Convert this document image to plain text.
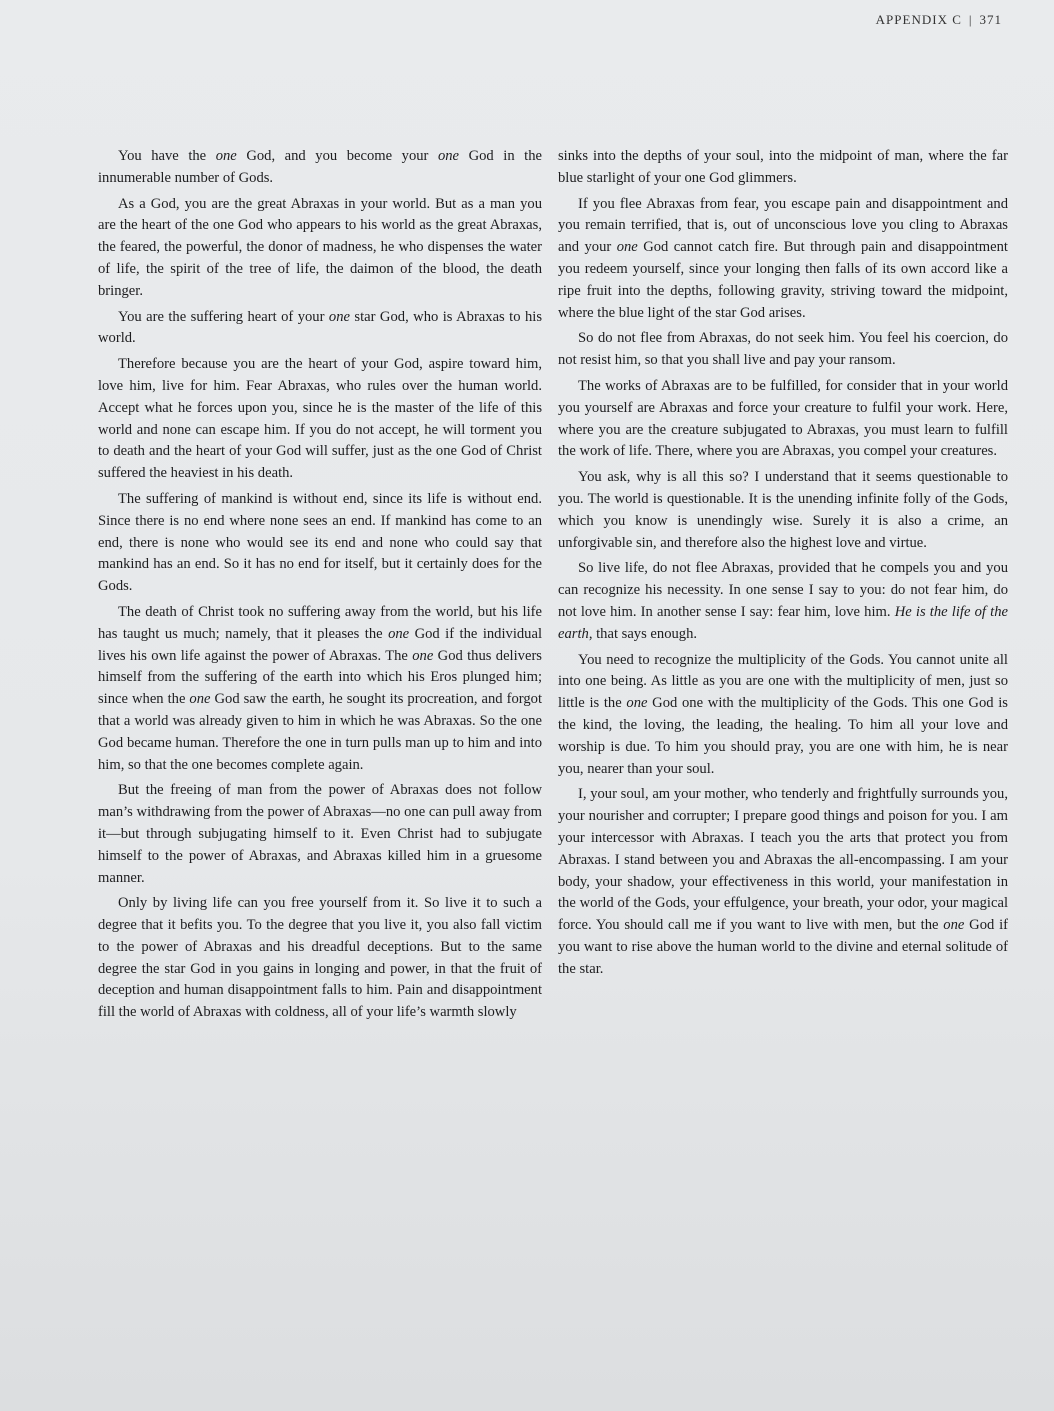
APPENDIX C | 371

You have the one God, and you become your one God in the innumerable number of Gods.

As a God, you are the great Abraxas in your world. But as a man you are the heart of the one God who appears to his world as the great Abraxas, the feared, the powerful, the donor of madness, he who dispenses the water of life, the spirit of the tree of life, the daimon of the blood, the death bringer.

You are the suffering heart of your one star God, who is Abraxas to his world.

Therefore because you are the heart of your God, aspire toward him, love him, live for him. Fear Abraxas, who rules over the human world. Accept what he forces upon you, since he is the master of the life of this world and none can escape him. If you do not accept, he will torment you to death and the heart of your God will suffer, just as the one God of Christ suffered the heaviest in his death.

The suffering of mankind is without end, since its life is without end. Since there is no end where none sees an end. If mankind has come to an end, there is none who would see its end and none who could say that mankind has an end. So it has no end for itself, but it certainly does for the Gods.

The death of Christ took no suffering away from the world, but his life has taught us much; namely, that it pleases the one God if the individual lives his own life against the power of Abraxas. The one God thus delivers himself from the suffering of the earth into which his Eros plunged him; since when the one God saw the earth, he sought its procreation, and forgot that a world was already given to him in which he was Abraxas. So the one God became human. Therefore the one in turn pulls man up to him and into him, so that the one becomes complete again.

But the freeing of man from the power of Abraxas does not follow man’s withdrawing from the power of Abraxas—no one can pull away from it—but through subjugating himself to it. Even Christ had to subjugate himself to the power of Abraxas, and Abraxas killed him in a gruesome manner.

Only by living life can you free yourself from it. So live it to such a degree that it befits you. To the degree that you live it, you also fall victim to the power of Abraxas and his dreadful deceptions. But to the same degree the star God in you gains in longing and power, in that the fruit of deception and human disappointment falls to him. Pain and disappointment fill the world of Abraxas with coldness, all of your life’s warmth slowly

sinks into the depths of your soul, into the midpoint of man, where the far blue starlight of your one God glimmers.

If you flee Abraxas from fear, you escape pain and disappointment and you remain terrified, that is, out of unconscious love you cling to Abraxas and your one God cannot catch fire. But through pain and disappointment you redeem yourself, since your longing then falls of its own accord like a ripe fruit into the depths, following gravity, striving toward the midpoint, where the blue light of the star God arises.

So do not flee from Abraxas, do not seek him. You feel his coercion, do not resist him, so that you shall live and pay your ransom.

The works of Abraxas are to be fulfilled, for consider that in your world you yourself are Abraxas and force your creature to fulfil your work. Here, where you are the creature subjugated to Abraxas, you must learn to fulfill the work of life. There, where you are Abraxas, you compel your creatures.

You ask, why is all this so? I understand that it seems questionable to you. The world is questionable. It is the unending infinite folly of the Gods, which you know is unendingly wise. Surely it is also a crime, an unforgivable sin, and therefore also the highest love and virtue.

So live life, do not flee Abraxas, provided that he compels you and you can recognize his necessity. In one sense I say to you: do not fear him, do not love him. In another sense I say: fear him, love him. He is the life of the earth, that says enough.

You need to recognize the multiplicity of the Gods. You cannot unite all into one being. As little as you are one with the multiplicity of men, just so little is the one God one with the multiplicity of the Gods. This one God is the kind, the loving, the leading, the healing. To him all your love and worship is due. To him you should pray, you are one with him, he is near you, nearer than your soul.

I, your soul, am your mother, who tenderly and frightfully surrounds you, your nourisher and corrupter; I prepare good things and poison for you. I am your intercessor with Abraxas. I teach you the arts that protect you from Abraxas. I stand between you and Abraxas the all-encompassing. I am your body, your shadow, your effectiveness in this world, your manifestation in the world of the Gods, your effulgence, your breath, your odor, your magical force. You should call me if you want to live with men, but the one God if you want to rise above the human world to the divine and eternal solitude of the star.
